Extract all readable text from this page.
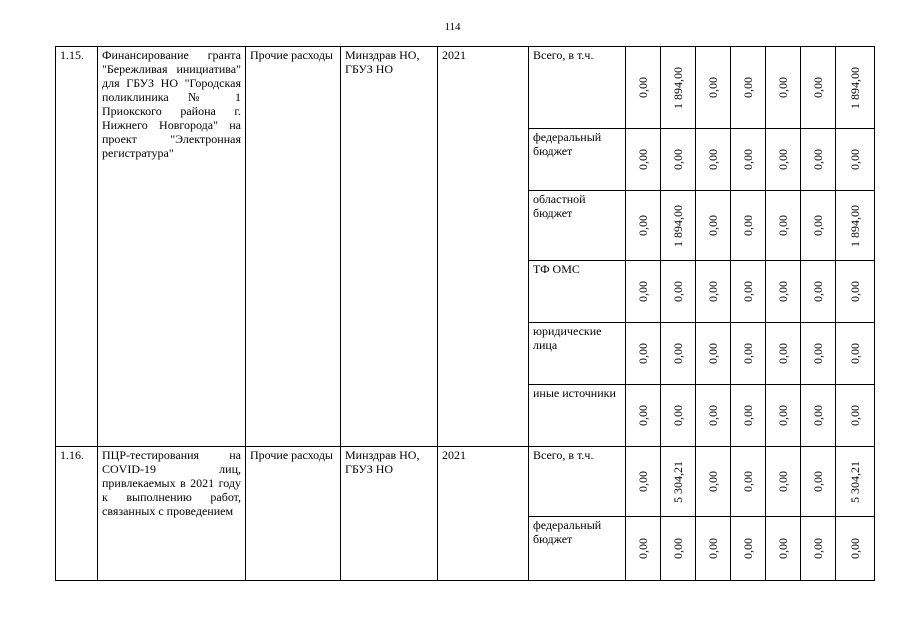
114
1.15.	Финансирование гранта "Бережливая инициатива" для ГБУЗ НО "Городская поликлиника № 1 Приокского района г. Нижнего Новгорода" на проект "Электронная регистратура"	Прочие расходы	Минздрав НО, ГБУЗ НО	2021	Всего, в т.ч.	0,00	1 894,00	0,00	0,00	0,00	0,00	1 894,00

					федеральный бюджет	0,00	0,00	0,00	0,00	0,00	0,00	0,00

					областной бюджет	0,00	1 894,00	0,00	0,00	0,00	0,00	1 894,00

					ТФ ОМС	0,00	0,00	0,00	0,00	0,00	0,00	0,00

					юридические лица	0,00	0,00	0,00	0,00	0,00	0,00	0,00

					иные источники	0,00	0,00	0,00	0,00	0,00	0,00	0,00

1.16.	ПЦР-тестирования на COVID-19 лиц, привлекаемых в 2021 году к выполнению работ, связанных с проведением	Прочие расходы	Минздрав НО, ГБУЗ НО	2021	Всего, в т.ч.	0,00	5 304,21	0,00	0,00	0,00	0,00	5 304,21

					федеральный бюджет	0,00	0,00	0,00	0,00	0,00	0,00	0,00
